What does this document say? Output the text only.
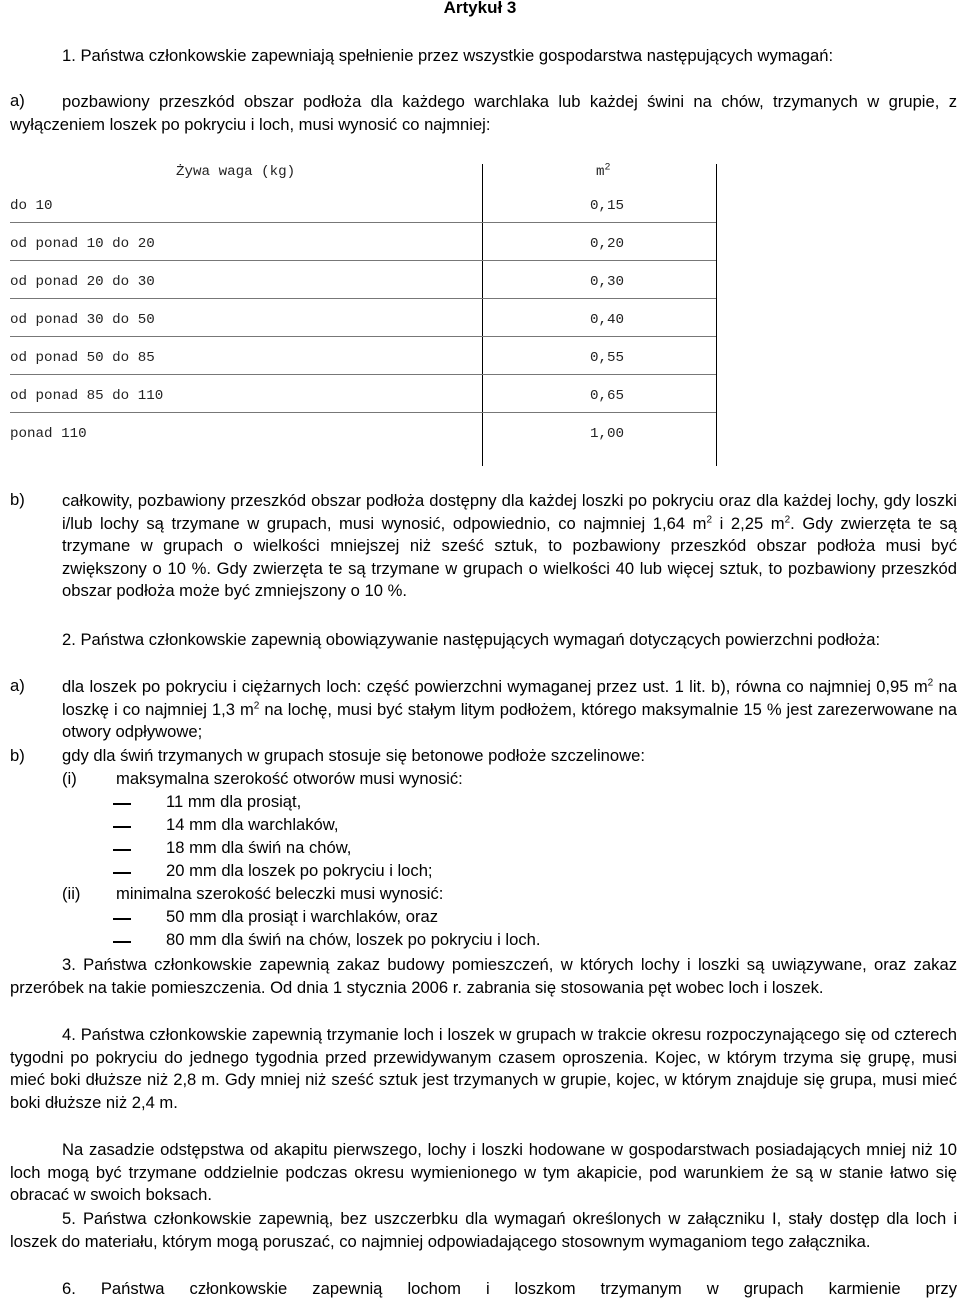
Artykuł 3

1. Państwa członkowskie zapewniają spełnienie przez wszystkie gospodarstwa następujących wymagań:

a)	pozbawiony przeszkód obszar podłoża dla każdego warchlaka lub każdej świni na chów, trzymanych w grupie, z wyłączeniem loszek po pokryciu i loch, musi wynosić co najmniej:

Żywa waga (kg)	$m^2$
do 10	0,15
od ponad 10 do 20	0,20
od ponad 20 do 30	0,30
od ponad 30 do 50	0,40
od ponad 50 do 85	0,55
od ponad 85 do 110	0,65
ponad 110	1,00
b) całkowity, pozbawiony przeszkód obszar podłoża dostępny dla każdej loszki po pokryciu oraz dla każdej lochy, gdy loszki i/lub lochy są trzymane w grupach, musi wynosić, odpowiednio, co najmniej 1,64 $m^2$ i 2,25 $m^2$. Gdy zwierzęta te są trzymane w grupach o wielkości mniejszej niż sześć sztuk, to pozbawiony przeszkód obszar podłoża musi być zwiększony o 10 %. Gdy zwierzęta te są trzymane w grupach o wielkości 40 lub więcej sztuk, to pozbawiony przeszkód obszar podłoża może być zmniejszony o 10 %.

2. Państwa członkowskie zapewnią obowiązywanie następujących wymagań dotyczących powierzchni podłoża:

a) dla loszek po pokryciu i ciężarnych loch: część powierzchni wymaganej przez ust. 1 lit. b), równa co najmniej 0,95 $m^2$ na loszkę i co najmniej 1,3 $m^2$ na lochę, musi być stałym litym podłożem, którego maksymalnie 15 % jest zarezerwowane na otwory odpływowe;

b) gdy dla świń trzymanych w grupach stosuje się betonowe podłoże szczelinowe:
(i) maksymalna szerokość otworów musi wynosić:
11 mm dla prosiąt,
14 mm dla warchlaków,
18 mm dla świń na chów,
20 mm dla loszek po pokryciu i loch;
(ii) minimalna szerokość beleczki musi wynosić:
50 mm dla prosiąt i warchlaków, oraz
80 mm dla świń na chów, loszek po pokryciu i loch.

3. Państwa członkowskie zapewnią zakaz budowy pomieszczeń, w których lochy i loszki są uwiązywane, oraz zakaz przeróbek na takie pomieszczenia. Od dnia 1 stycznia 2006 r. zabrania się stosowania pęt wobec loch i loszek.

4. Państwa członkowskie zapewnią trzymanie loch i loszek w grupach w trakcie okresu rozpoczynającego się od czterech tygodni po pokryciu do jednego tygodnia przed przewidywanym czasem oproszenia. Kojec, w którym trzyma się grupę, musi mieć boki dłuższe niż 2,8 m. Gdy mniej niż sześć sztuk jest trzymanych w grupie, kojec, w którym znajduje się grupa, musi mieć boki dłuższe niż 2,4 m.

Na zasadzie odstępstwa od akapitu pierwszego, lochy i loszki hodowane w gospodarstwach posiadających mniej niż 10 loch mogą być trzymane oddzielnie podczas okresu wymienionego w tym akapicie, pod warunkiem że są w stanie łatwo się obracać w swoich boksach.

5. Państwa członkowskie zapewnią, bez uszczerbku dla wymagań określonych w załączniku I, stały dostęp dla loch i loszek do materiału, którym mogą poruszać, co najmniej odpowiadającego stosownym wymaganiom tego załącznika.

6. Państwa członkowskie zapewnią lochom i loszkom trzymanym w grupach karmienie przy
